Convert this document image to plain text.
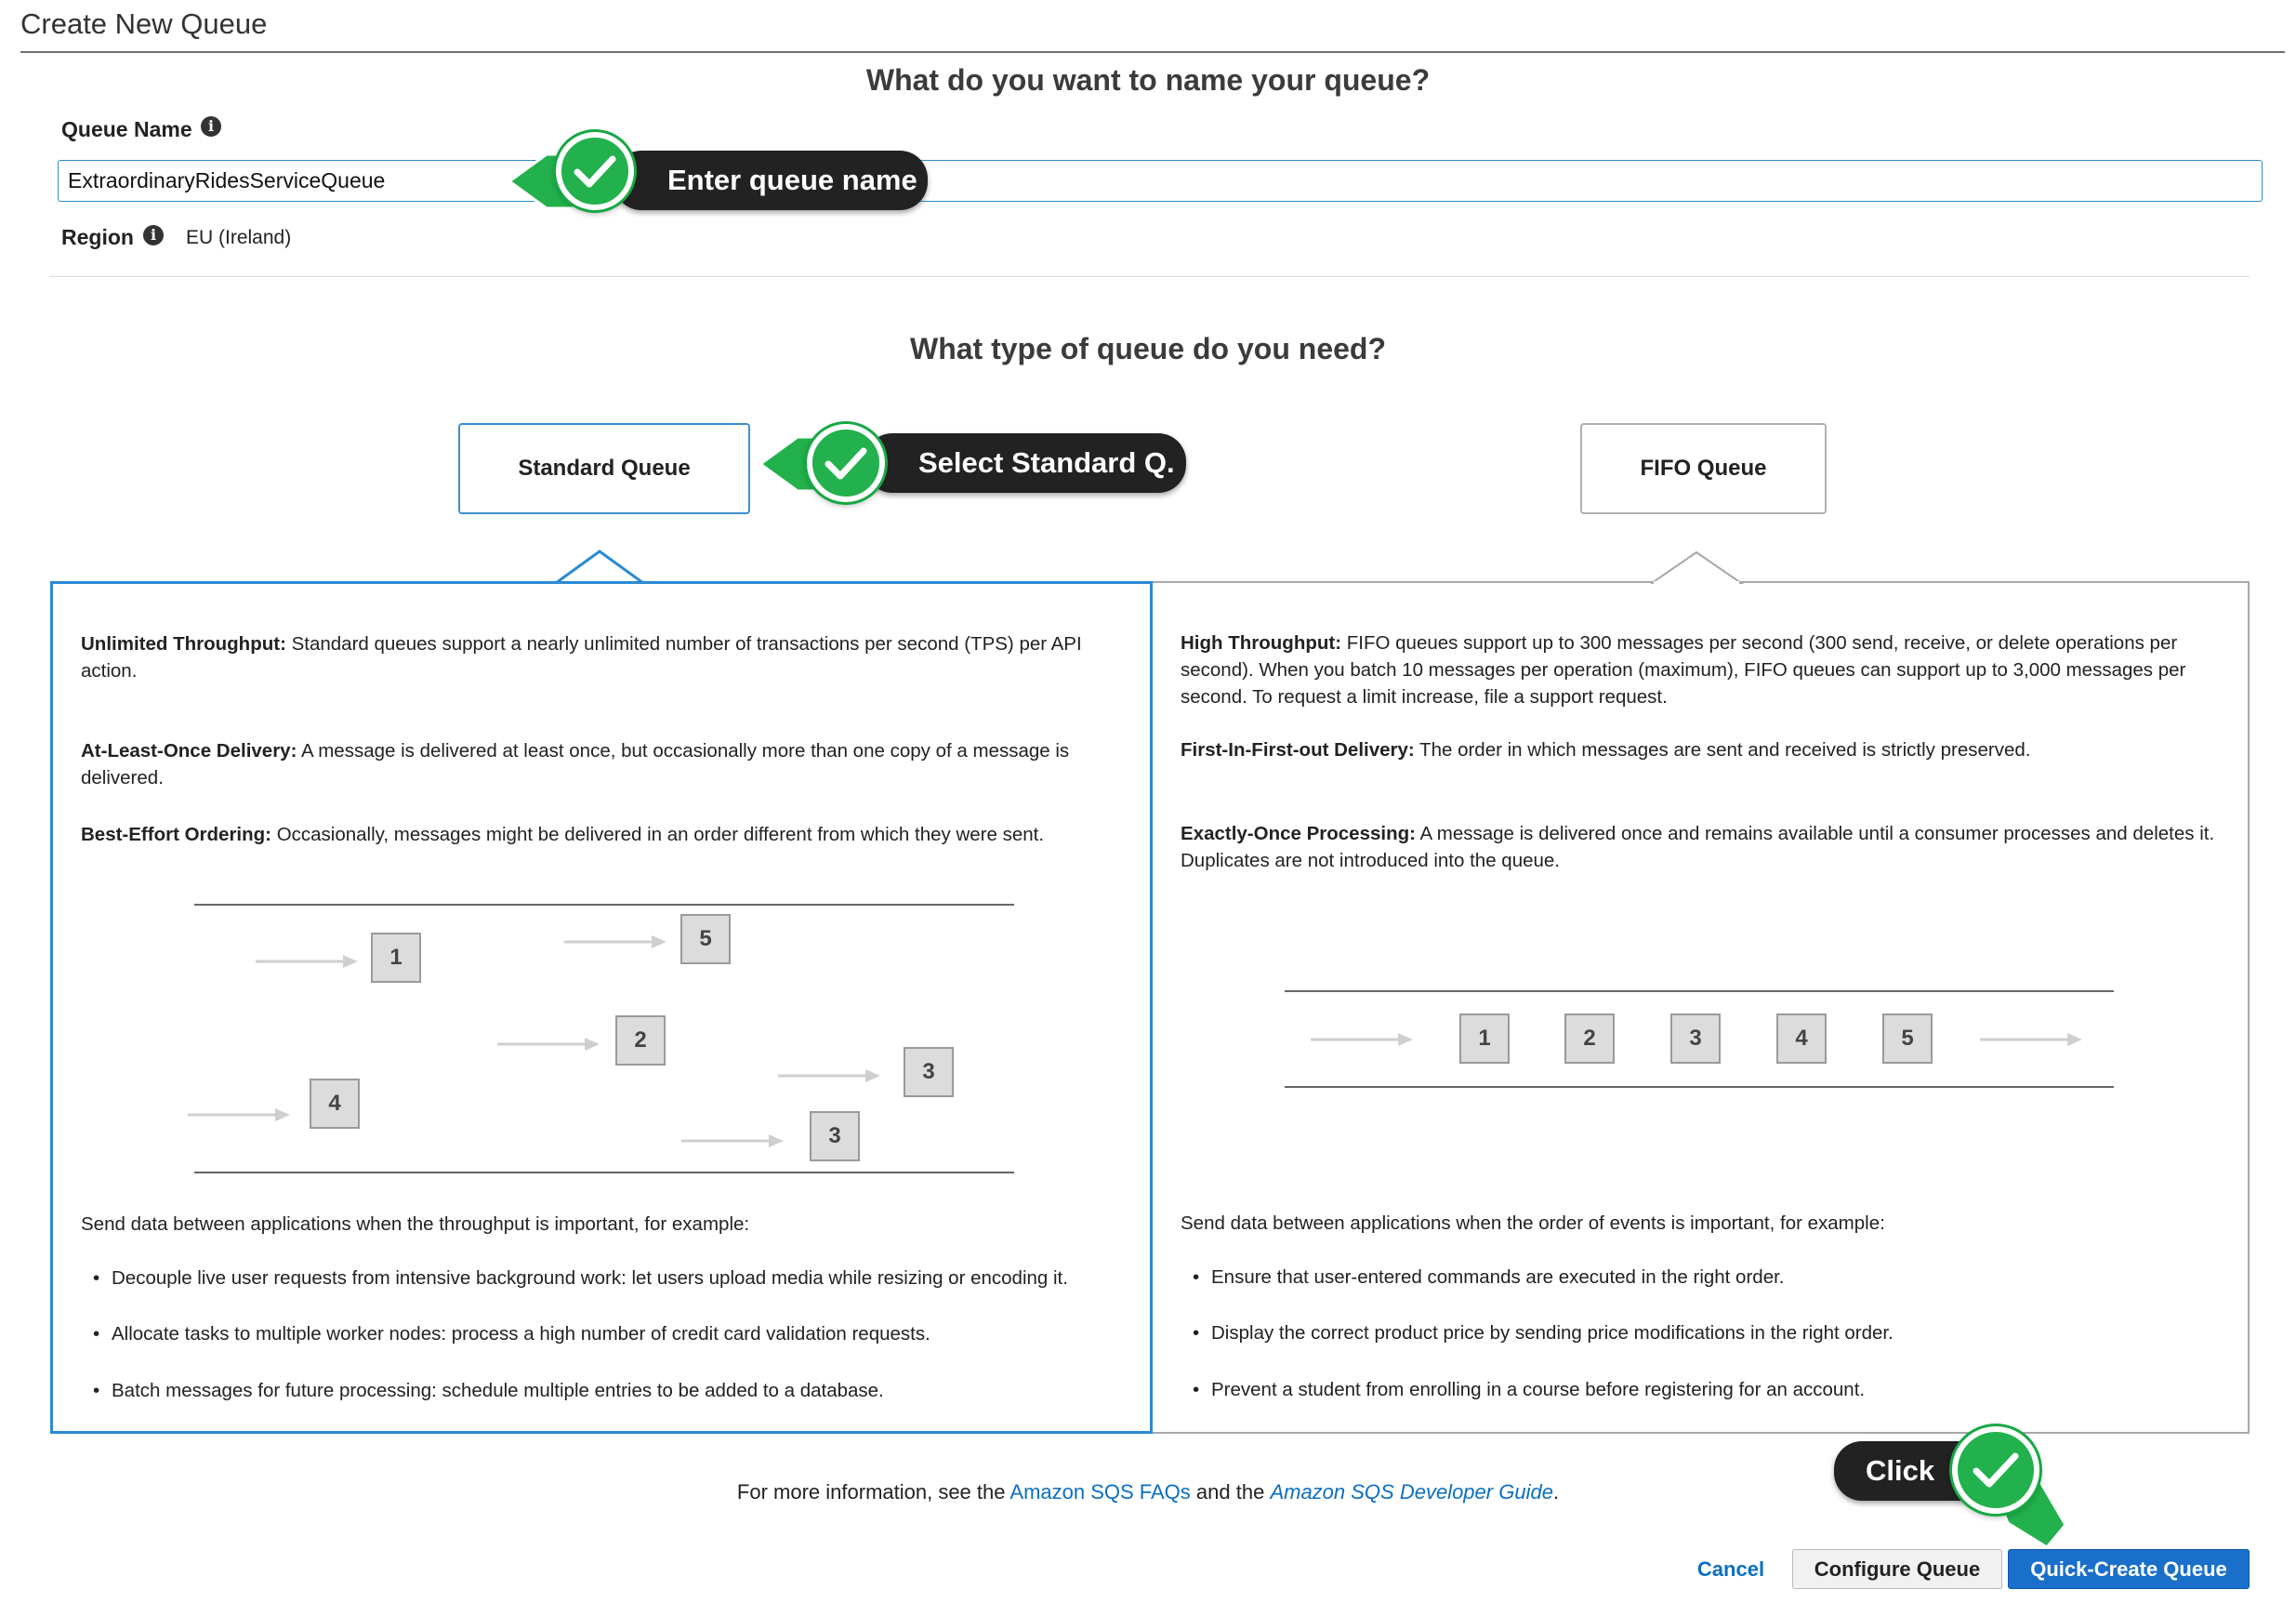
Create New Queue
What do you want to name your queue?
Queue Name	i
ExtraordinaryRidesServiceQueue
Region	i	EU (Ireland)
What type of queue do you need?
Standard Queue	FIFO Queue
Unlimited Throughput: Standard queues support a nearly unlimited number of transactions per second (TPS) per API action.
At-Least-Once Delivery: A message is delivered at least once, but occasionally more than one copy of a message is delivered.
Best-Effort Ordering: Occasionally, messages might be delivered in an order different from which they were sent.
1
5
2
3
4
3
Send data between applications when the throughput is important, for example:
• Decouple live user requests from intensive background work: let users upload media while resizing or encoding it.
• Allocate tasks to multiple worker nodes: process a high number of credit card validation requests.
• Batch messages for future processing: schedule multiple entries to be added to a database.
High Throughput: FIFO queues support up to 300 messages per second (300 send, receive, or delete operations per second). When you batch 10 messages per operation (maximum), FIFO queues can support up to 3,000 messages per second. To request a limit increase, file a support request.
First-In-First-out Delivery: The order in which messages are sent and received is strictly preserved.
Exactly-Once Processing: A message is delivered once and remains available until a consumer processes and deletes it. Duplicates are not introduced into the queue.
1	2	3	4	5
Send data between applications when the order of events is important, for example:
• Ensure that user-entered commands are executed in the right order.
• Display the correct product price by sending price modifications in the right order.
• Prevent a student from enrolling in a course before registering for an account.
For more information, see the Amazon SQS FAQs and the Amazon SQS Developer Guide.
Cancel	Configure Queue	Quick-Create Queue
Enter queue name
Select Standard Q.
Click
